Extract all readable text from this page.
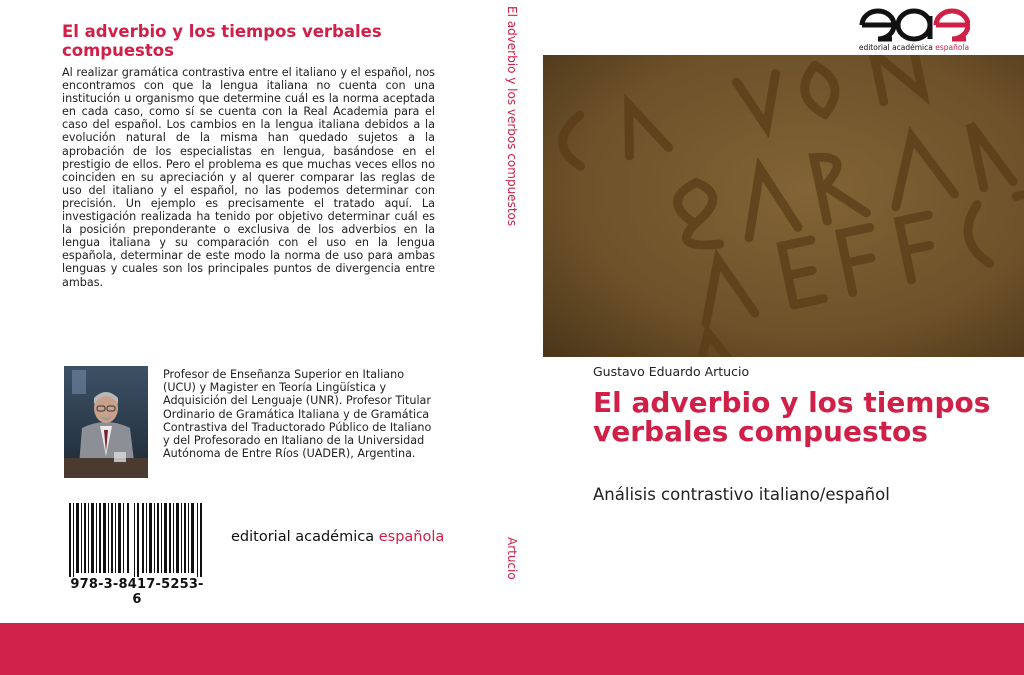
El adverbio y los tiempos verbales compuestos
Al realizar gramática contrastiva entre el italiano y el español, nos encontramos con que la lengua italiana no cuenta con una institución u organismo que determine cuál es la norma aceptada en cada caso, como sí se cuenta con la Real Academia para el caso del español. Los cambios en la lengua italiana debidos a la evolución natural de la misma han quedado sujetos a la aprobación de los especialistas en lengua, basándose en el prestigio de ellos. Pero el problema es que muchas veces ellos no coinciden en su apreciación y al querer comparar las reglas de uso del italiano y el español, no las podemos determinar con precisión. Un ejemplo es precisamente el tratado aquí. La investigación realizada ha tenido por objetivo determinar cuál es la posición preponderante o exclusiva de los adverbios en la lengua italiana y su comparación con el uso en la lengua española, determinar de este modo la norma de uso para ambas lenguas y cuales son los principales puntos de divergencia entre ambas.
Profesor de Enseñanza Superior en Italiano (UCU) y Magister en Teoría Lingüística y Adquisición del Lenguaje (UNR). Profesor Titular Ordinario de Gramática Italiana y de Gramática Contrastiva del Traductorado Público de Italiano y del Profesorado en Italiano de la Universidad Autónoma de Entre Ríos (UADER), Argentina.
978-3-8417-5253-6
editorial académica española
El adverbio y los verbos compuestos
Artucio
editorial académica española
Gustavo Eduardo Artucio
El adverbio y los tiempos verbales compuestos
Análisis contrastivo italiano/español
